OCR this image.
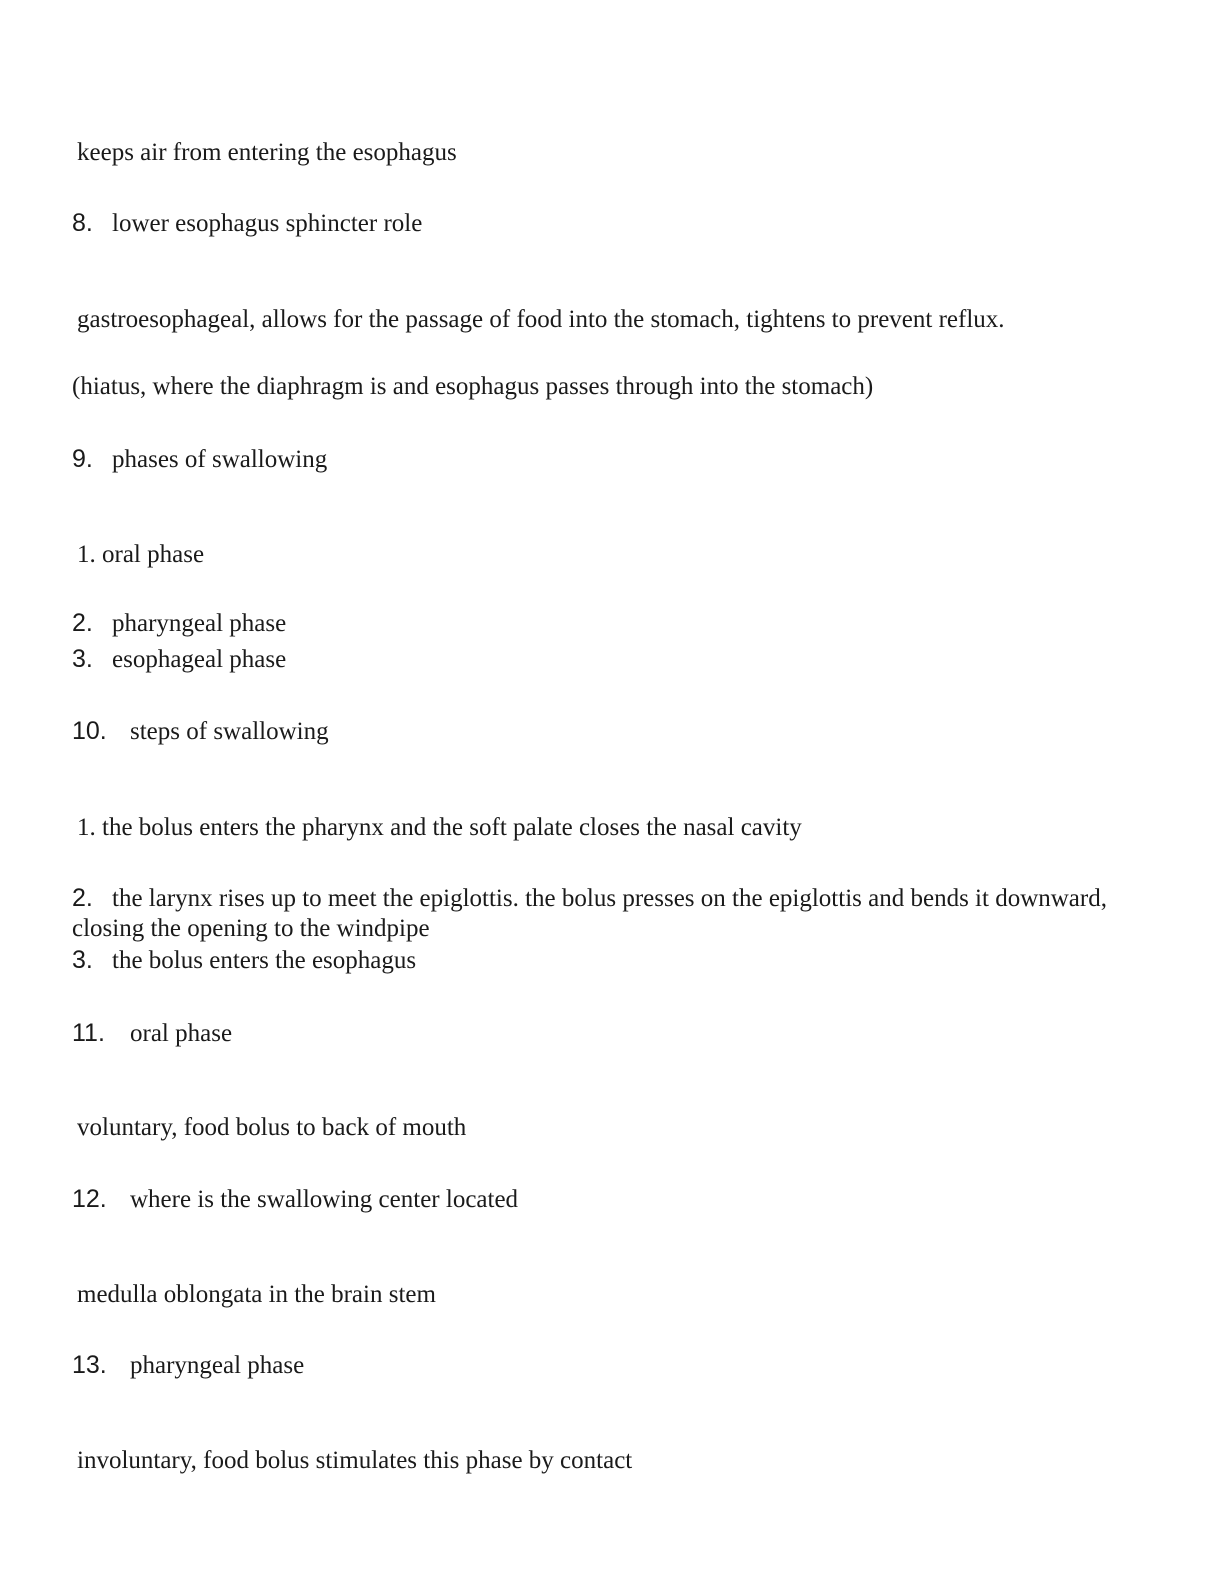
keeps air from entering the esophagus
8. lower esophagus sphincter role
gastroesophageal, allows for the passage of food into the stomach, tightens to prevent reflux.
(hiatus, where the diaphragm is and esophagus passes through into the stomach)
9. phases of swallowing
1. oral phase
2. pharyngeal phase
3. esophageal phase
10. steps of swallowing
1. the bolus enters the pharynx and the soft palate closes the nasal cavity
2. the larynx rises up to meet the epiglottis. the bolus presses on the epiglottis and bends it downward, closing the opening to the windpipe
3. the bolus enters the esophagus
11. oral phase
voluntary, food bolus to back of mouth
12. where is the swallowing center located
medulla oblongata in the brain stem
13. pharyngeal phase
involuntary, food bolus stimulates this phase by contact
